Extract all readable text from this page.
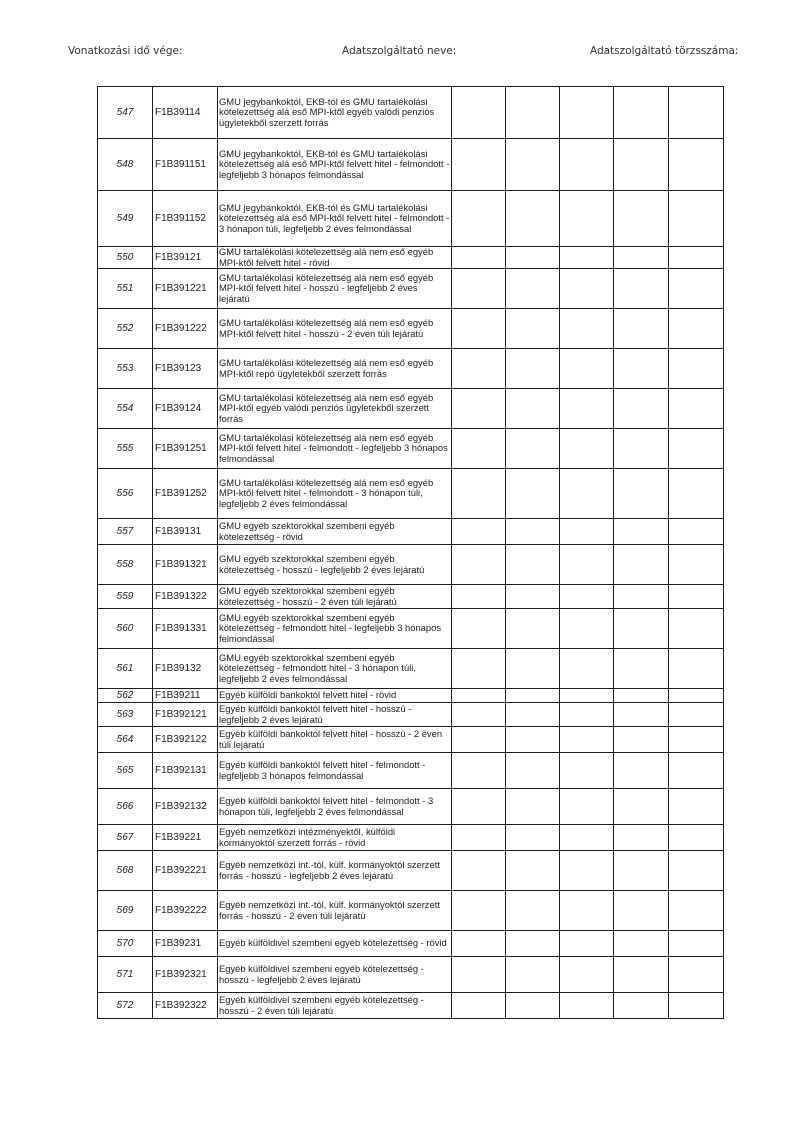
Vonatkozási idő vége:	Adatszolgáltató neve:	Adatszolgáltató törzsszáma:
547	F1B39114	GMU jegybankoktól, EKB-tól és GMU tartalékolási kötelezettség alá eső MPI-ktől egyéb valódi penziós ügyletekből szerzett forrás					
548	F1B391151	GMU jegybankoktól, EKB-tól és GMU tartalékolási kötelezettség alá eső MPI-ktől felvett hitel - felmondott - legfeljebb 3 hónapos felmondással					
549	F1B391152	GMU jegybankoktól, EKB-tól és GMU tartalékolási kötelezettség alá eső MPI-ktől felvett hitel - felmondott - 3 hónapon túli, legfeljebb 2 éves felmondással					
550	F1B39121	GMU tartalékolási kötelezettség alá nem eső egyéb MPI-ktől felvett hitel - rövid					
551	F1B391221	GMU tartalékolási kötelezettség alá nem eső egyéb MPI-ktől felvett hitel - hosszú - legfeljebb 2 éves lejáratú					
552	F1B391222	GMU tartalékolási kötelezettség alá nem eső egyéb MPI-ktől felvett hitel - hosszú - 2 éven túli lejáratú					
553	F1B39123	GMU tartalékolási kötelezettség alá nem eső egyéb MPI-ktől repó ügyletekből szerzett forrás					
554	F1B39124	GMU tartalékolási kötelezettség alá nem eső egyéb MPI-ktől egyéb valódi penziós ügyletekből szerzett forrás					
555	F1B391251	GMU tartalékolási kötelezettség alá nem eső egyéb MPI-ktől felvett hitel - felmondott - legfeljebb 3 hónapos felmondással					
556	F1B391252	GMU tartalékolási kötelezettség alá nem eső egyéb MPI-ktől felvett hitel - felmondott - 3 hónapon túli, legfeljebb 2 éves felmondással					
557	F1B39131	GMU egyéb szektorokkal szembeni egyéb kötelezettség - rövid					
558	F1B391321	GMU egyéb szektorokkal szembeni egyéb kötelezettség - hosszú - legfeljebb 2 éves lejáratú					
559	F1B391322	GMU egyéb szektorokkal szembeni egyéb kötelezettség - hosszú - 2 éven túli lejáratú					
560	F1B391331	GMU egyéb szektorokkal szembeni egyéb kötelezettség - felmondott hitel - legfeljebb 3 hónapos felmondással					
561	F1B39132	GMU egyéb szektorokkal szembeni egyéb kötelezettség - felmondott hitel - 3 hónapon túli, legfeljebb 2 éves felmondással					
562	F1B39211	Egyéb külföldi bankoktól felvett hitel - rövid					
563	F1B392121	Egyéb külföldi bankoktól felvett hitel - hosszú - legfeljebb 2 éves lejáratú					
564	F1B392122	Egyéb külföldi bankoktól felvett hitel - hosszú - 2 éven túli lejáratú					
565	F1B392131	Egyéb külföldi bankoktól felvett hitel - felmondott - legfeljebb 3 hónapos felmondással					
566	F1B392132	Egyéb külföldi bankoktól felvett hitel - felmondott - 3 hónapon túli, legfeljebb 2 éves felmondással					
567	F1B39221	Egyéb nemzetközi intézményektől, külföldi kormányoktól szerzett forrás - rövid					
568	F1B392221	Egyéb nemzetközi int.-tól, külf. kormányoktól szerzett forrás - hosszú - legfeljebb 2 éves lejáratú					
569	F1B392222	Egyéb nemzetközi int.-tól, külf. kormányoktól szerzett forrás - hosszú - 2 éven túli lejáratú					
570	F1B39231	Egyéb külföldivel szembeni egyéb kötelezettség - rövid					
571	F1B392321	Egyéb külföldivel szembeni egyéb kötelezettség - hosszú - legfeljebb 2 éves lejáratú					
572	F1B392322	Egyéb külföldivel szembeni egyéb kötelezettség - hosszú - 2 éven túli lejáratú					
